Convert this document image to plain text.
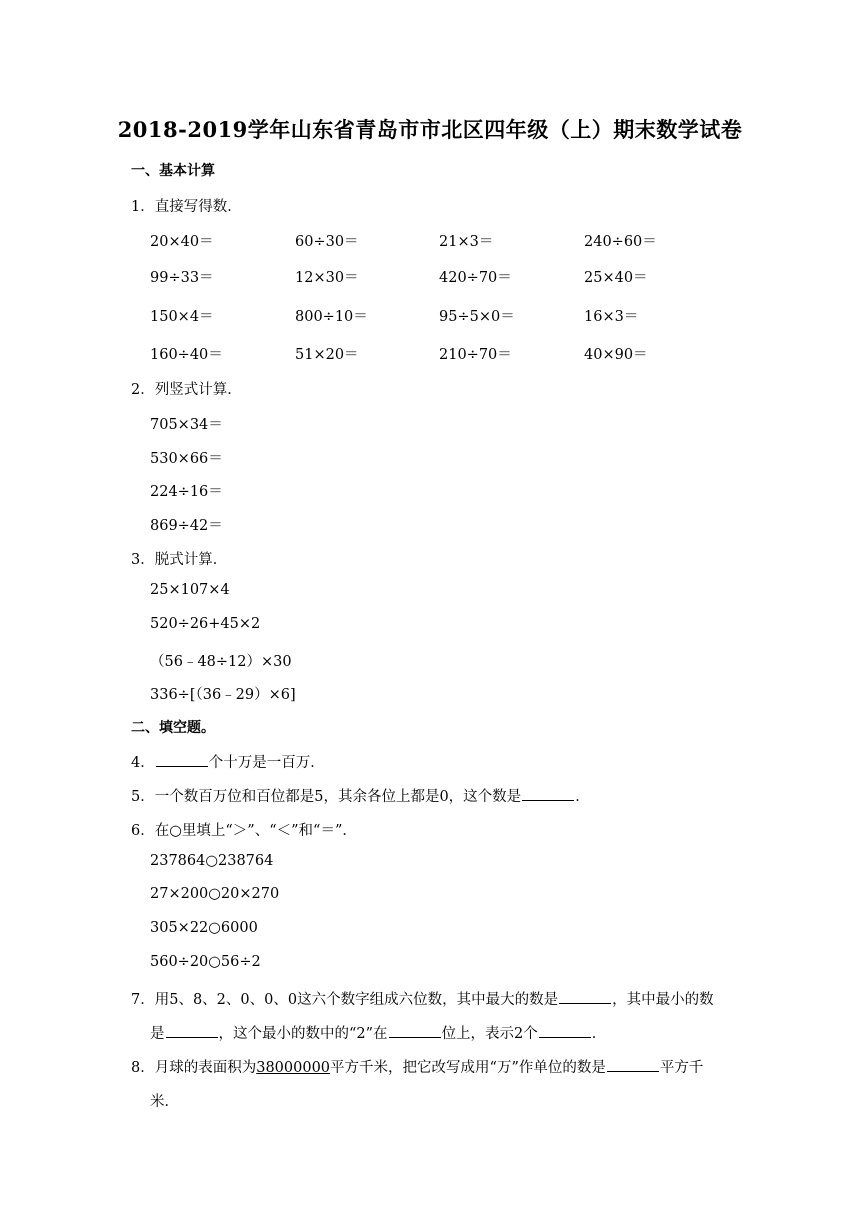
2018-2019学年山东省青岛市市北区四年级（上）期末数学试卷
一、基本计算
1．直接写得数．
20×40＝	60÷30＝	21×3＝	240÷60＝
99÷33＝	12×30＝	420÷70＝	25×40＝
150×4＝	800÷10＝	95÷5×0＝	16×3＝
160÷40＝	51×20＝	210÷70＝	40×90＝
2．列竖式计算．
705×34＝
530×66＝
224÷16＝
869÷42＝
3．脱式计算．
25×107×4
520÷26+45×2
（56﹣48÷12）×30
336÷[（36﹣29）×6]
二、填空题。
4．	个十万是一百万．
5．一个数百万位和百位都是5，其余各位上都是0，这个数是	．
6．在○里填上“＞”、“＜”和“＝”．
237864○238764
27×200○20×270
305×22○6000
560÷20○56÷2
7．用5、8、2、0、0、0这六个数字组成六位数，其中最大的数是	，其中最小的数
是	，这个最小的数中的“2”在	位上，表示2个	．
8．月球的表面积为38000000平方千米，把它改写成用“万”作单位的数是	平方千
米．
